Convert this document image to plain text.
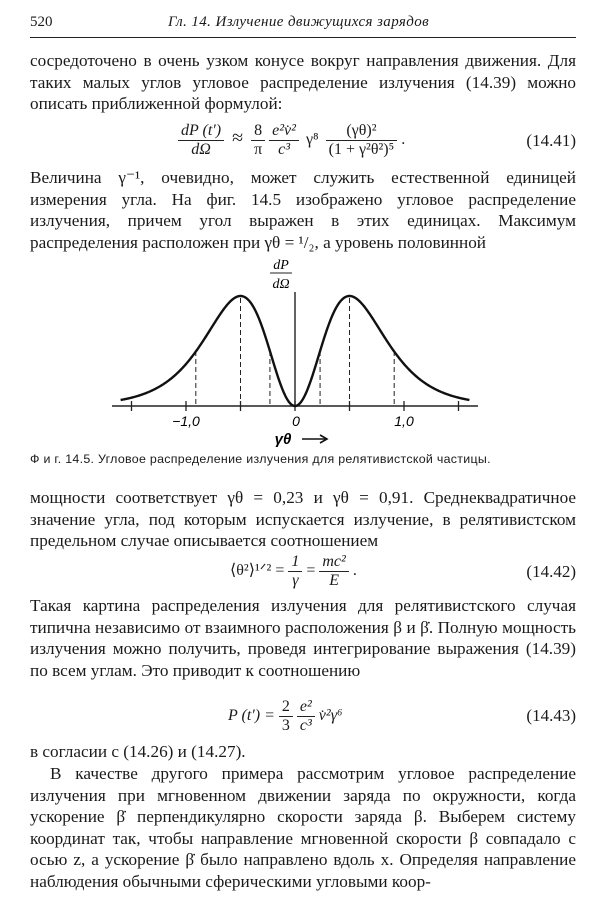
520	Гл. 14. Излучение движущихся зарядов
сосредоточено в очень узком конусе вокруг направления движения. Для таких малых углов угловое распределение излучения (14.39) можно описать приближенной формулой:
$\frac{dP (t')}{d\Omega} \approx \frac{8}{\pi}$
$\frac{\text{e²v̇²}}{\text{c³}} \gamma^8 \frac{\text{(γθ)²}}{\text{(1 + γ²θ²)⁵}}$ .	(14.41)
Величина γ⁻¹, очевидно, может служить естественной единицей измерения угла. На фиг. 14.5 изображено угловое распределение излучения, причем угол выражен в этих единицах. Максимум распределения расположен при γθ = ¹/₂, а уровень половинной
dP
dΩ
−1,0	0	1,0
γθ
Ф и г. 14.5. Угловое распределение излучения для релятивистской частицы.
мощности соответствует γθ = 0,23 и γθ = 0,91. Среднеквадратичное значение угла, под которым испускается излучение, в релятивистском предельном случае описывается соотношением
⟨θ²⟩¹ᐟ² = $\frac{1}{\gamma} = \frac{\text{mc²}}{E}$ .	(14.42)
Такая картина распределения излучения для релятивистского случая типична независимо от взаимного расположения β и β̇. Полную мощность излучения можно получить, проведя интегрирование выражения (14.39) по всем углам. Это приводит к соотношению
P $(t') = \frac{2}{3}$
$\frac{\text{e²}}{\text{c³}}$ v̇²γ⁶	(14.43)
в согласии с (14.26) и (14.27).
В качестве другого примера рассмотрим угловое распределение излучения при мгновенном движении заряда по окружности, когда ускорение β̇ перпендикулярно скорости заряда β. Выберем систему координат так, чтобы направление мгновенной скорости β совпадало с осью z, а ускорение β̇ было направлено вдоль x. Определяя направление наблюдения обычными сферическими угловыми коор-
